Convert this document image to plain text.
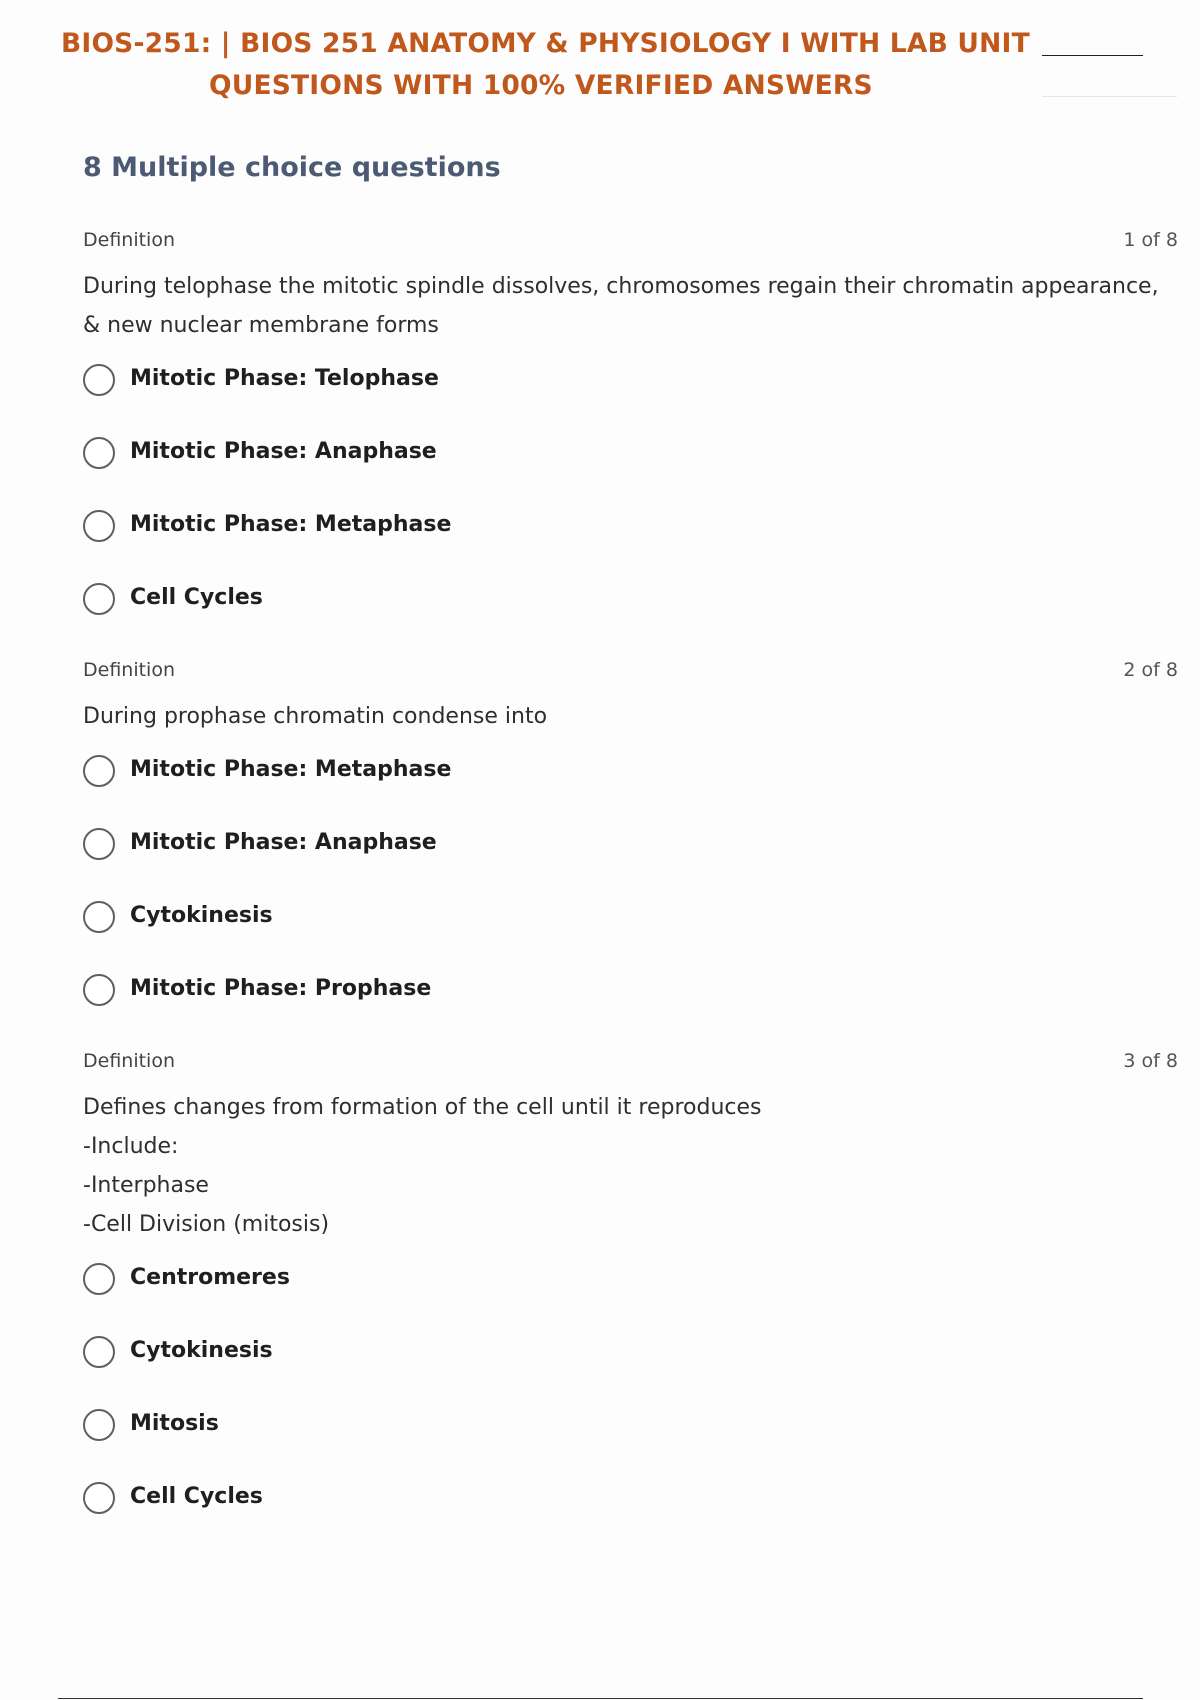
BIOS-251: | BIOS 251 ANATOMY & PHYSIOLOGY I WITH LAB UNIT
QUESTIONS WITH 100% VERIFIED ANSWERS
8 Multiple choice questions
Definition	1 of 8
During telophase the mitotic spindle dissolves, chromosomes regain their chromatin appearance,
& new nuclear membrane forms
Mitotic Phase: Telophase
Mitotic Phase: Anaphase
Mitotic Phase: Metaphase
Cell Cycles
Definition	2 of 8
During prophase chromatin condense into
Mitotic Phase: Metaphase
Mitotic Phase: Anaphase
Cytokinesis
Mitotic Phase: Prophase
Definition	3 of 8
Defines changes from formation of the cell until it reproduces
-Include:
-Interphase
-Cell Division (mitosis)
Centromeres
Cytokinesis
Mitosis
Cell Cycles
